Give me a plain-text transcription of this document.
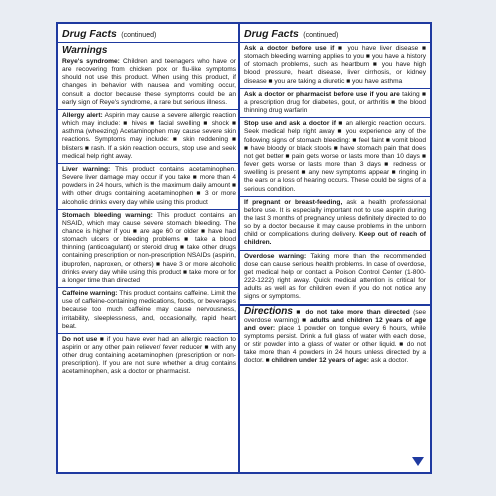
Drug Facts (continued)
Warnings
Reye's syndrome: Children and teenagers who have or are recovering from chicken pox or flu-like symptoms should not use this product. When using this product, if changes in behavior with nausea and vomiting occur, consult a doctor because these symptoms could be an early sign of Reye's syndrome, a rare but serious illness.
Allergy alert: Aspirin may cause a severe allergic reaction which may include: ■ hives ■ facial swelling ■ shock ■ asthma (wheezing) Acetaminophen may cause severe skin reactions. Symptoms may include: ■ skin reddening ■ blisters ■ rash. If a skin reaction occurs, stop use and seek medical help right away.
Liver warning: This product contains acetaminophen. Severe liver damage may occur if you take ■ more than 4 powders in 24 hours, which is the maximum daily amount ■ with other drugs containing acetaminophen ■ 3 or more alcoholic drinks every day while using this product
Stomach bleeding warning: This product contains an NSAID, which may cause severe stomach bleeding. The chance is higher if you ■ are age 60 or older ■ have had stomach ulcers or bleeding problems ■ take a blood thinning (anticoagulant) or steroid drug ■ take other drugs containing prescription or non-prescription NSAIDs (aspirin, ibuprofen, naproxen, or others) ■ have 3 or more alcoholic drinks every day while using this product ■ take more or for a longer time than directed
Caffeine warning: This product contains caffeine. Limit the use of caffeine-containing medications, foods, or beverages because too much caffeine may cause nervousness, irritability, sleeplessness, and, occasionally, rapid heart beat.
Do not use ■ if you have ever had an allergic reaction to aspirin or any other pain reliever/ fever reducer ■ with any other drug containing acetaminophen (prescription or non-prescription). If you are not sure whether a drug contains acetaminophen, ask a doctor or pharmacist.
Drug Facts (continued)
Ask a doctor before use if ■ you have liver disease ■ stomach bleeding warning applies to you ■ you have a history of stomach problems, such as heartburn ■ you have high blood pressure, heart disease, liver cirrhosis, or kidney disease ■ you are taking a diuretic ■ you have asthma
Ask a doctor or pharmacist before use if you are taking ■ a prescription drug for diabetes, gout, or arthritis ■ the blood thinning drug warfarin
Stop use and ask a doctor if ■ an allergic reaction occurs. Seek medical help right away ■ you experience any of the following signs of stomach bleeding: ■ feel faint ■ vomit blood ■ have bloody or black stools ■ have stomach pain that does not get better ■ pain gets worse or lasts more than 10 days ■ fever gets worse or lasts more than 3 days ■ redness or swelling is present ■ any new symptoms appear ■ ringing in the ears or a loss of hearing occurs. These could be signs of a serious condition.
If pregnant or breast-feeding, ask a health professional before use. It is especially important not to use aspirin during the last 3 months of pregnancy unless definitely directed to do so by a doctor because it may cause problems in the unborn child or complications during delivery. Keep out of reach of children.
Overdose warning: Taking more than the recommended dose can cause serious health problems. In case of overdose, get medical help or contact a Poison Control Center (1-800-222-1222) right away. Quick medical attention is critical for adults as well as for children even if you do not notice any signs or symptoms.
Directions ■ do not take more than directed (see overdose warning) ■ adults and children 12 years of age and over: place 1 powder on tongue every 6 hours, while symptoms persist. Drink a full glass of water with each dose, or stir powder into a glass of water or other liquid. ■ do not take more than 4 powders in 24 hours unless directed by a doctor. ■ children under 12 years of age: ask a doctor.
